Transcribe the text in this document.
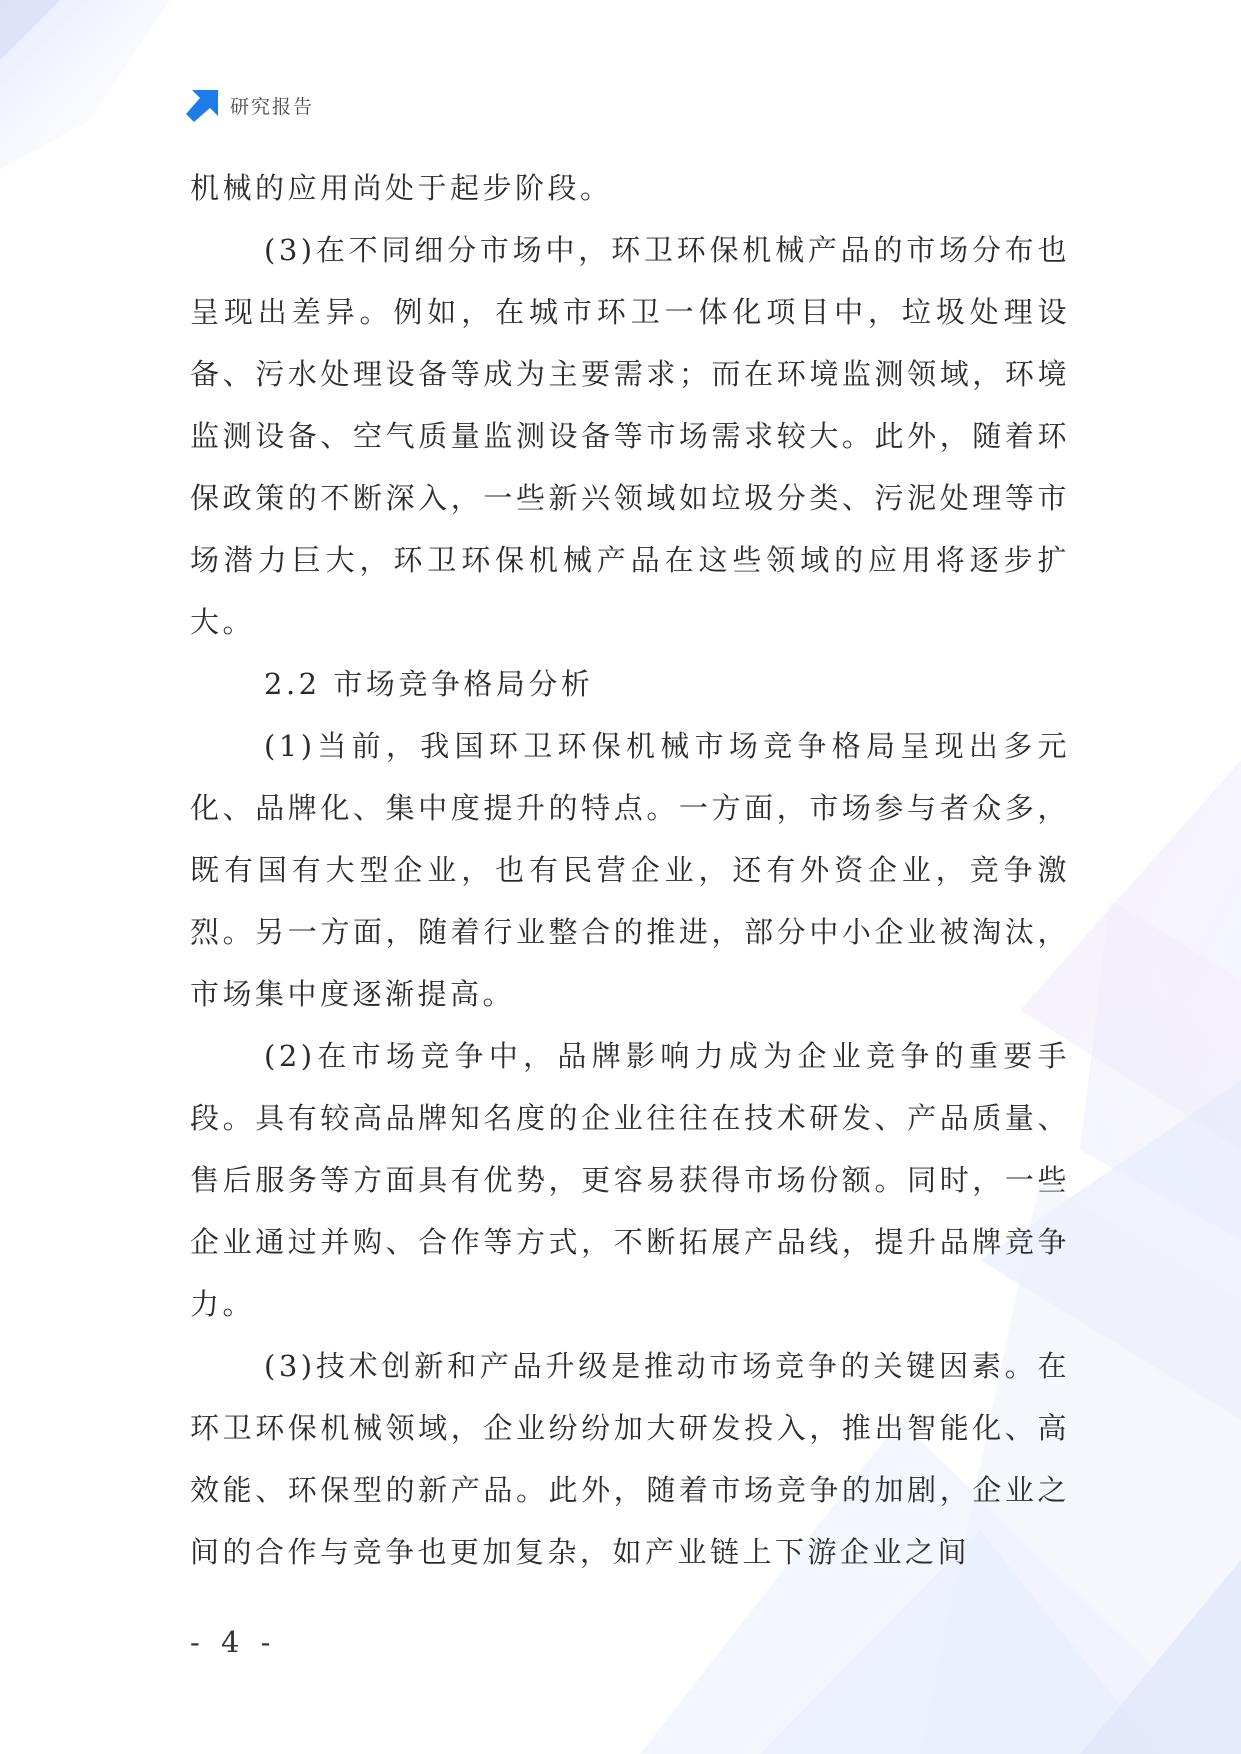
研究报告

机械的应用尚处于起步阶段。

(3)在不同细分市场中，环卫环保机械产品的市场分布也呈现出差异。例如，在城市环卫一体化项目中，垃圾处理设备、污水处理设备等成为主要需求；而在环境监测领域，环境监测设备、空气质量监测设备等市场需求较大。此外，随着环保政策的不断深入，一些新兴领域如垃圾分类、污泥处理等市场潜力巨大，环卫环保机械产品在这些领域的应用将逐步扩大。

2.2 市场竞争格局分析

(1)当前，我国环卫环保机械市场竞争格局呈现出多元化、品牌化、集中度提升的特点。一方面，市场参与者众多，既有国有大型企业，也有民营企业，还有外资企业，竞争激烈。另一方面，随着行业整合的推进，部分中小企业被淘汰，市场集中度逐渐提高。

(2)在市场竞争中，品牌影响力成为企业竞争的重要手段。具有较高品牌知名度的企业往往在技术研发、产品质量、售后服务等方面具有优势，更容易获得市场份额。同时，一些企业通过并购、合作等方式，不断拓展产品线，提升品牌竞争力。

(3)技术创新和产品升级是推动市场竞争的关键因素。在环卫环保机械领域，企业纷纷加大研发投入，推出智能化、高效能、环保型的新产品。此外，随着市场竞争的加剧，企业之间的合作与竞争也更加复杂，如产业链上下游企业之间

- 4 -
